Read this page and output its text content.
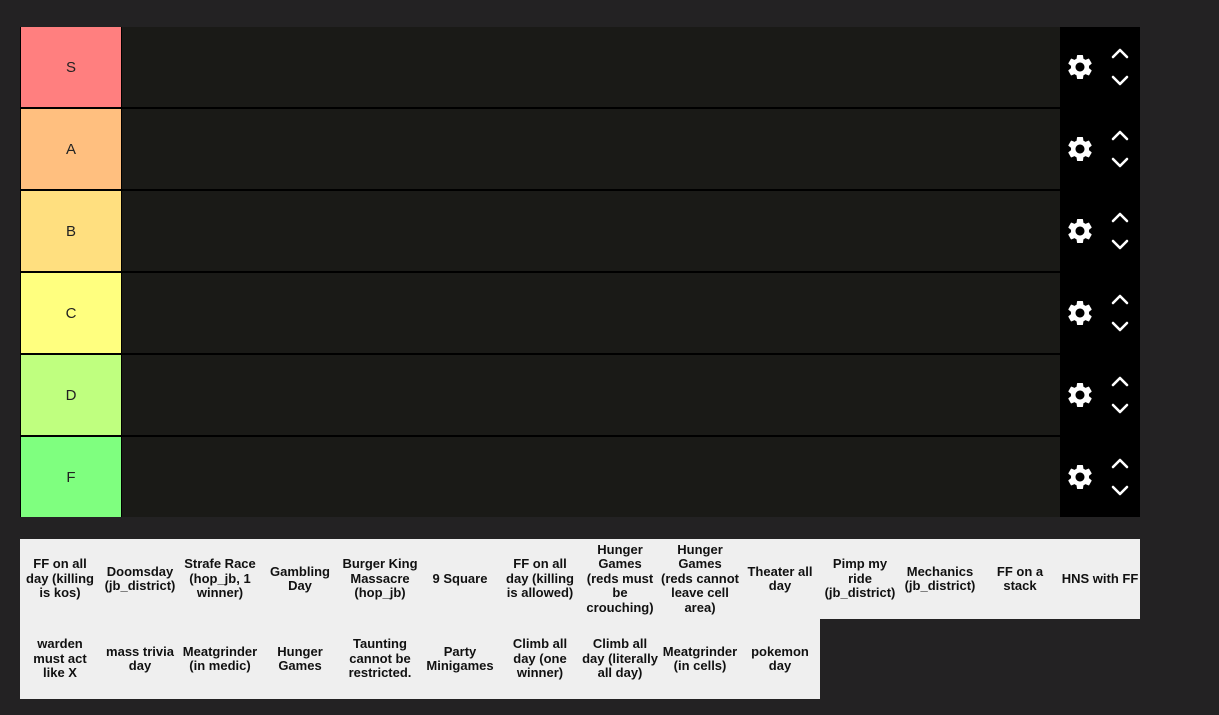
S
A
B
C
D
F
FF on all day (killing is kos)
Doomsday (jb_district)
Strafe Race (hop_jb, 1 winner)
Gambling Day
Burger King Massacre (hop_jb)
9 Square
FF on all day (killing is allowed)
Hunger Games (reds must be crouching)
Hunger Games (reds cannot leave cell area)
Theater all day
Pimp my ride (jb_district)
Mechanics (jb_district)
FF on a stack	HNS with FF
warden must act like X
mass trivia day
Meatgrinder (in medic)
Hunger Games
Taunting cannot be restricted.
Party Minigames
Climb all day (one winner)
Climb all day (literally all day)
Meatgrinder (in cells)
pokemon day
